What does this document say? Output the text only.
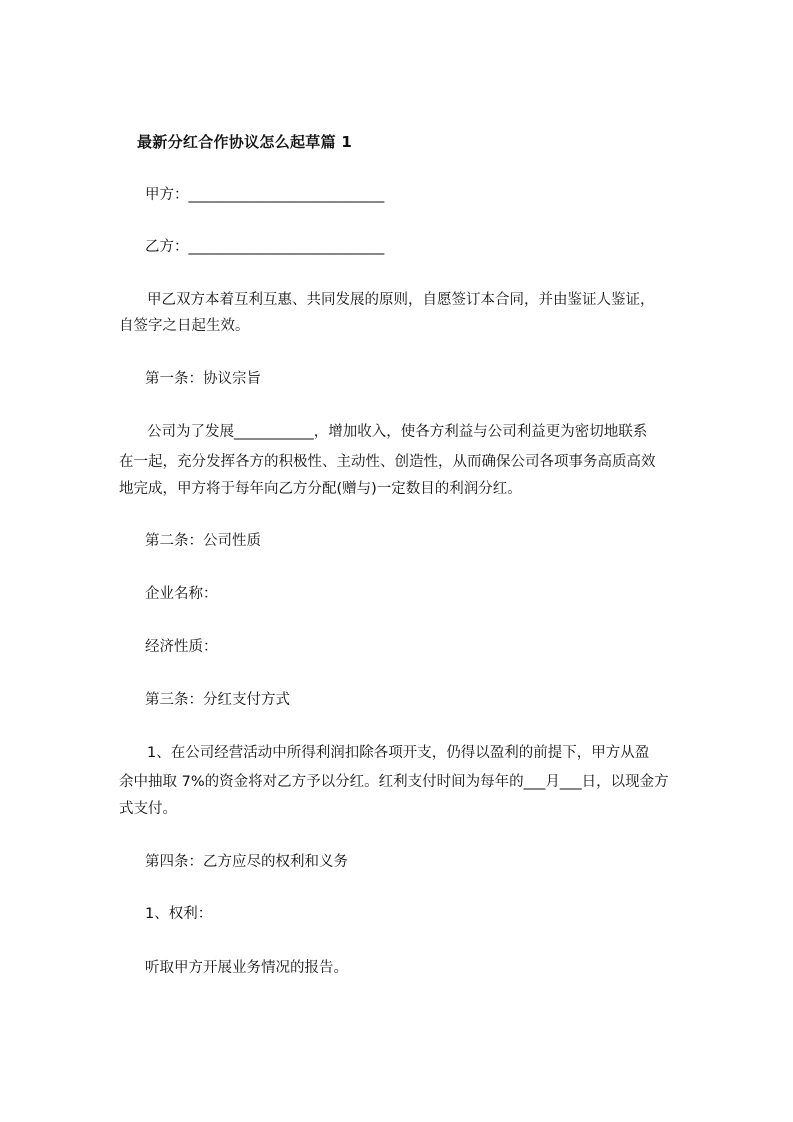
最新分红合作协议怎么起草篇 1
甲方：___________________________
乙方：___________________________
甲乙双方本着互利互惠、共同发展的原则，自愿签订本合同，并由鉴证人鉴证，
自签字之日起生效。
第一条：协议宗旨
公司为了发展___________，增加收入，使各方利益与公司利益更为密切地联系
在一起，充分发挥各方的积极性、主动性、创造性，从而确保公司各项事务高质高效
地完成，甲方将于每年向乙方分配(赠与)一定数目的利润分红。
第二条：公司性质
企业名称：
经济性质：
第三条：分红支付方式
1、在公司经营活动中所得利润扣除各项开支，仍得以盈利的前提下，甲方从盈
余中抽取 7%的资金将对乙方予以分红。红利支付时间为每年的___月___日，以现金方
式支付。
第四条：乙方应尽的权利和义务
1、权利：
听取甲方开展业务情况的报告。
